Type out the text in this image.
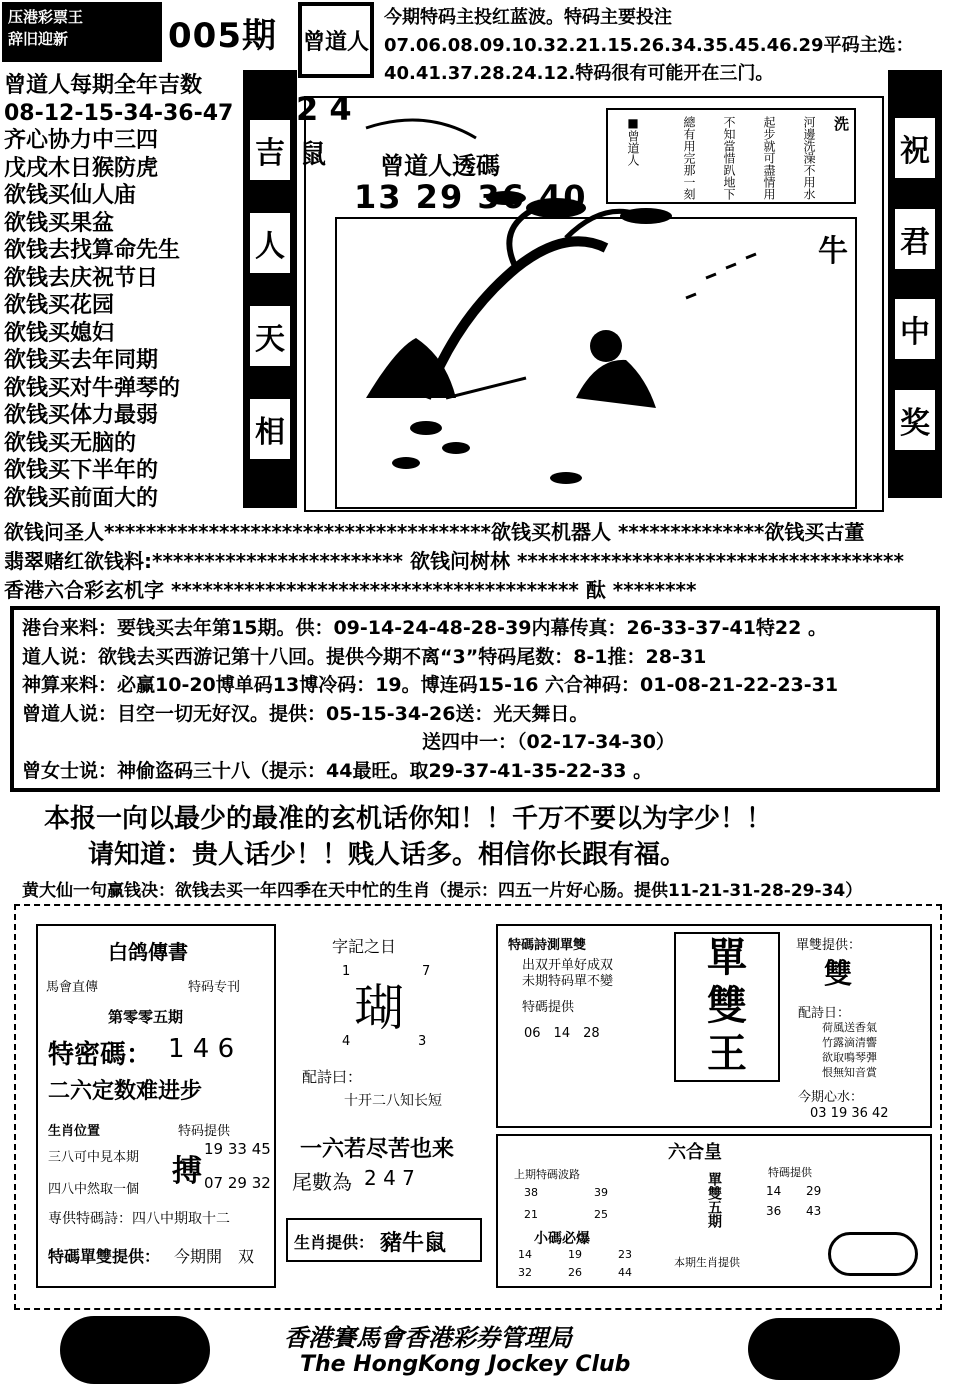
压港彩票王
辞旧迎新	005期 曾道人
今期特码主投红蓝波。特码主要投注07.06.08.09.10.32.21.15.26.34.35.45.46.29平码主选：40.41.37.28.24.12.特码很有可能开在三门。
曾道人每期全年吉数
08-12-15-34-36-47
齐心协力中三四
戊戌木日猴防虎
欲钱买仙人庙
欲钱买果盆
欲钱去找算命先生
欲钱去庆祝节日
欲钱买花园
欲钱买媳妇
欲钱买去年同期
欲钱买对牛弹琴的
欲钱买体力最弱
欲钱买无脑的
欲钱买下半年的
欲钱买前面大的
吉
人
天
相
祝
君
中
奖
2 4
鼠 曾道人透碼
13 29 36 40
牛
洗
河邊洗澡不用水
起步就可盡情用
不知當惜趴地下
總有用完那一刻
■曾道人
欲钱问圣人*************************************欲钱买机器人 **************欲钱买古董
翡翠赌红欲钱料:************************ 欲钱问树林 *************************************
香港六合彩玄机字 *************************************** 酞 ********
港台来料：要钱买去年第15期。供：09-14-24-48-28-39内幕传真：26-33-37-41特22 。
道人说：欲钱去买西游记第十八回。提供今期不离“3”特码尾数：8-1推：28-31
神算来料：必赢10-20博单码13博冷码：19。博连码15-16 六合神码：01-08-21-22-23-31
曾道人说：目空一切无好汉。提供：05-15-34-26送：光天舞日。
送四中一：（02-17-34-30）
曾女士说：神偷盗码三十八（提示：44最旺。取29-37-41-35-22-33 。
本报一向以最少的最准的玄机话你知！！千万不要以为字少！！
请知道：贵人话少！！贱人话多。相信你长跟有福。
黄大仙一句赢钱决：欲钱去买一年四季在天中忙的生肖（提示：四五一片好心肠。提供11-21-31-28-29-34）
白鸽傳書
馬會直傳	特码专刊
第零零五期
特密碼： 1 4 6
二六定数难进步
生肖位置
三八可中見本期
四八中然取一個
特码提供
搏
19 33 45
07 29 32
専供特碼詩：四八中期取十二
特碼單雙提供： 今期開　双
字記之日
1	7
瑚
4	3
配詩曰：
十开二八知长短
一六若尽苦也来
尾數為 2 4 7
生肖提供： 豬牛鼠
特碼詩測單雙
出双开单好成双
未期特码單不變
特碼提供
06　14　28
單
雙
王
單雙提供：
雙
配詩日：
荷風送香氣
竹露滴清響
欲取鳴琴彈
恨無知音賞
今期心水：
03 19 36 42
六合皇
上期特碼波路
38	39
21	25
小碼必爆
14	19	23
32	26	44
單雙五期	特碼提供
14 29
36 43
本期生肖提供
香港賽馬會香港彩券管理局
The HongKong Jockey Club
